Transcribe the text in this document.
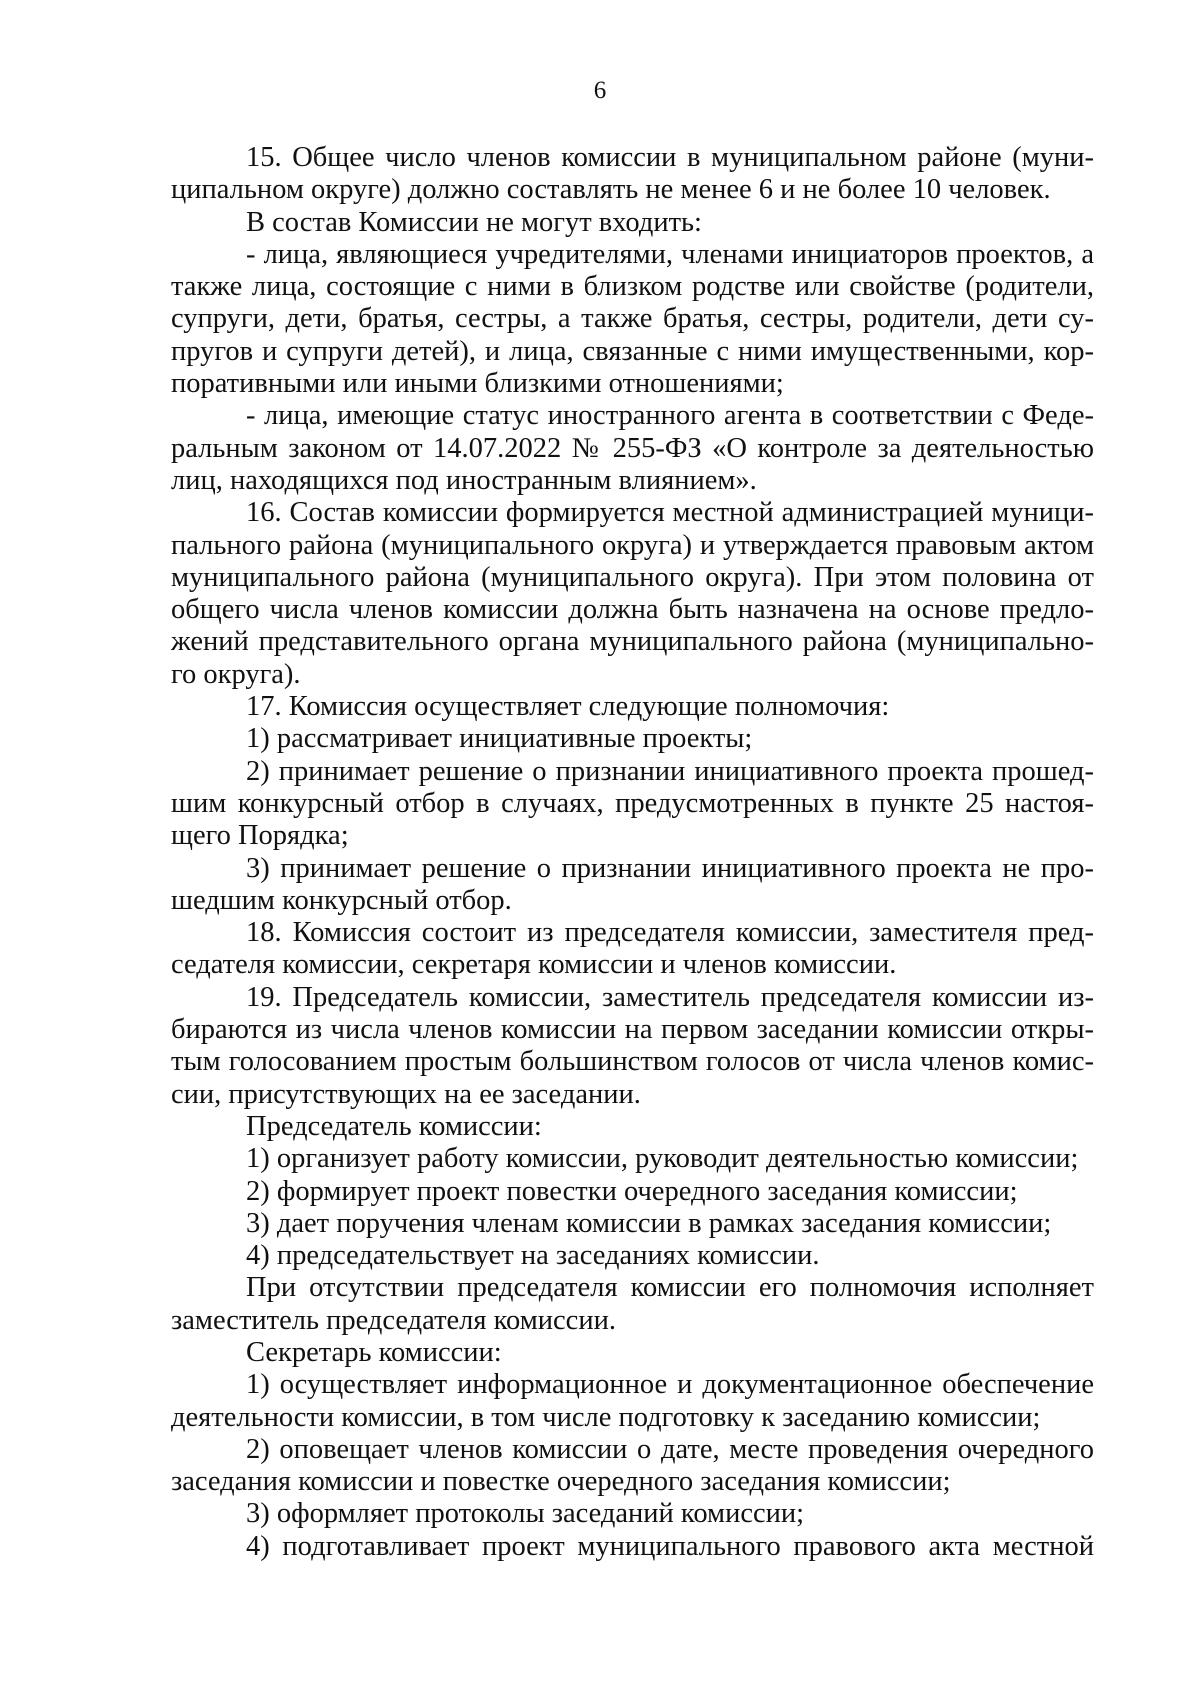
6

15. Общее число членов комиссии в муниципальном районе (муниципальном округе) должно составлять не менее 6 и не более 10 человек.

В состав Комиссии не могут входить:

- лица, являющиеся учредителями, членами инициаторов проектов, а также лица, состоящие с ними в близком родстве или свойстве (родители, супруги, дети, братья, сестры, а также братья, сестры, родители, дети супругов и супруги детей), и лица, связанные с ними имущественными, корпоративными или иными близкими отношениями;

- лица, имеющие статус иностранного агента в соответствии с Федеральным законом от 14.07.2022 № 255-ФЗ «О контроле за деятельностью лиц, находящихся под иностранным влиянием».

16. Состав комиссии формируется местной администрацией муниципального района (муниципального округа) и утверждается правовым актом муниципального района (муниципального округа). При этом половина от общего числа членов комиссии должна быть назначена на основе предложений представительного органа муниципального района (муниципального округа).

17. Комиссия осуществляет следующие полномочия:

1) рассматривает инициативные проекты;

2) принимает решение о признании инициативного проекта прошедшим конкурсный отбор в случаях, предусмотренных в пункте 25 настоящего Порядка;

3) принимает решение о признании инициативного проекта не прошедшим конкурсный отбор.

18. Комиссия состоит из председателя комиссии, заместителя председателя комиссии, секретаря комиссии и членов комиссии.

19. Председатель комиссии, заместитель председателя комиссии избираются из числа членов комиссии на первом заседании комиссии открытым голосованием простым большинством голосов от числа членов комиссии, присутствующих на ее заседании.

Председатель комиссии:

1) организует работу комиссии, руководит деятельностью комиссии;

2) формирует проект повестки очередного заседания комиссии;

3) дает поручения членам комиссии в рамках заседания комиссии;

4) председательствует на заседаниях комиссии.

При отсутствии председателя комиссии его полномочия исполняет заместитель председателя комиссии.

Секретарь комиссии:

1) осуществляет информационное и документационное обеспечение деятельности комиссии, в том числе подготовку к заседанию комиссии;

2) оповещает членов комиссии о дате, месте проведения очередного заседания комиссии и повестке очередного заседания комиссии;

3) оформляет протоколы заседаний комиссии;

4) подготавливает проект муниципального правового акта местной
